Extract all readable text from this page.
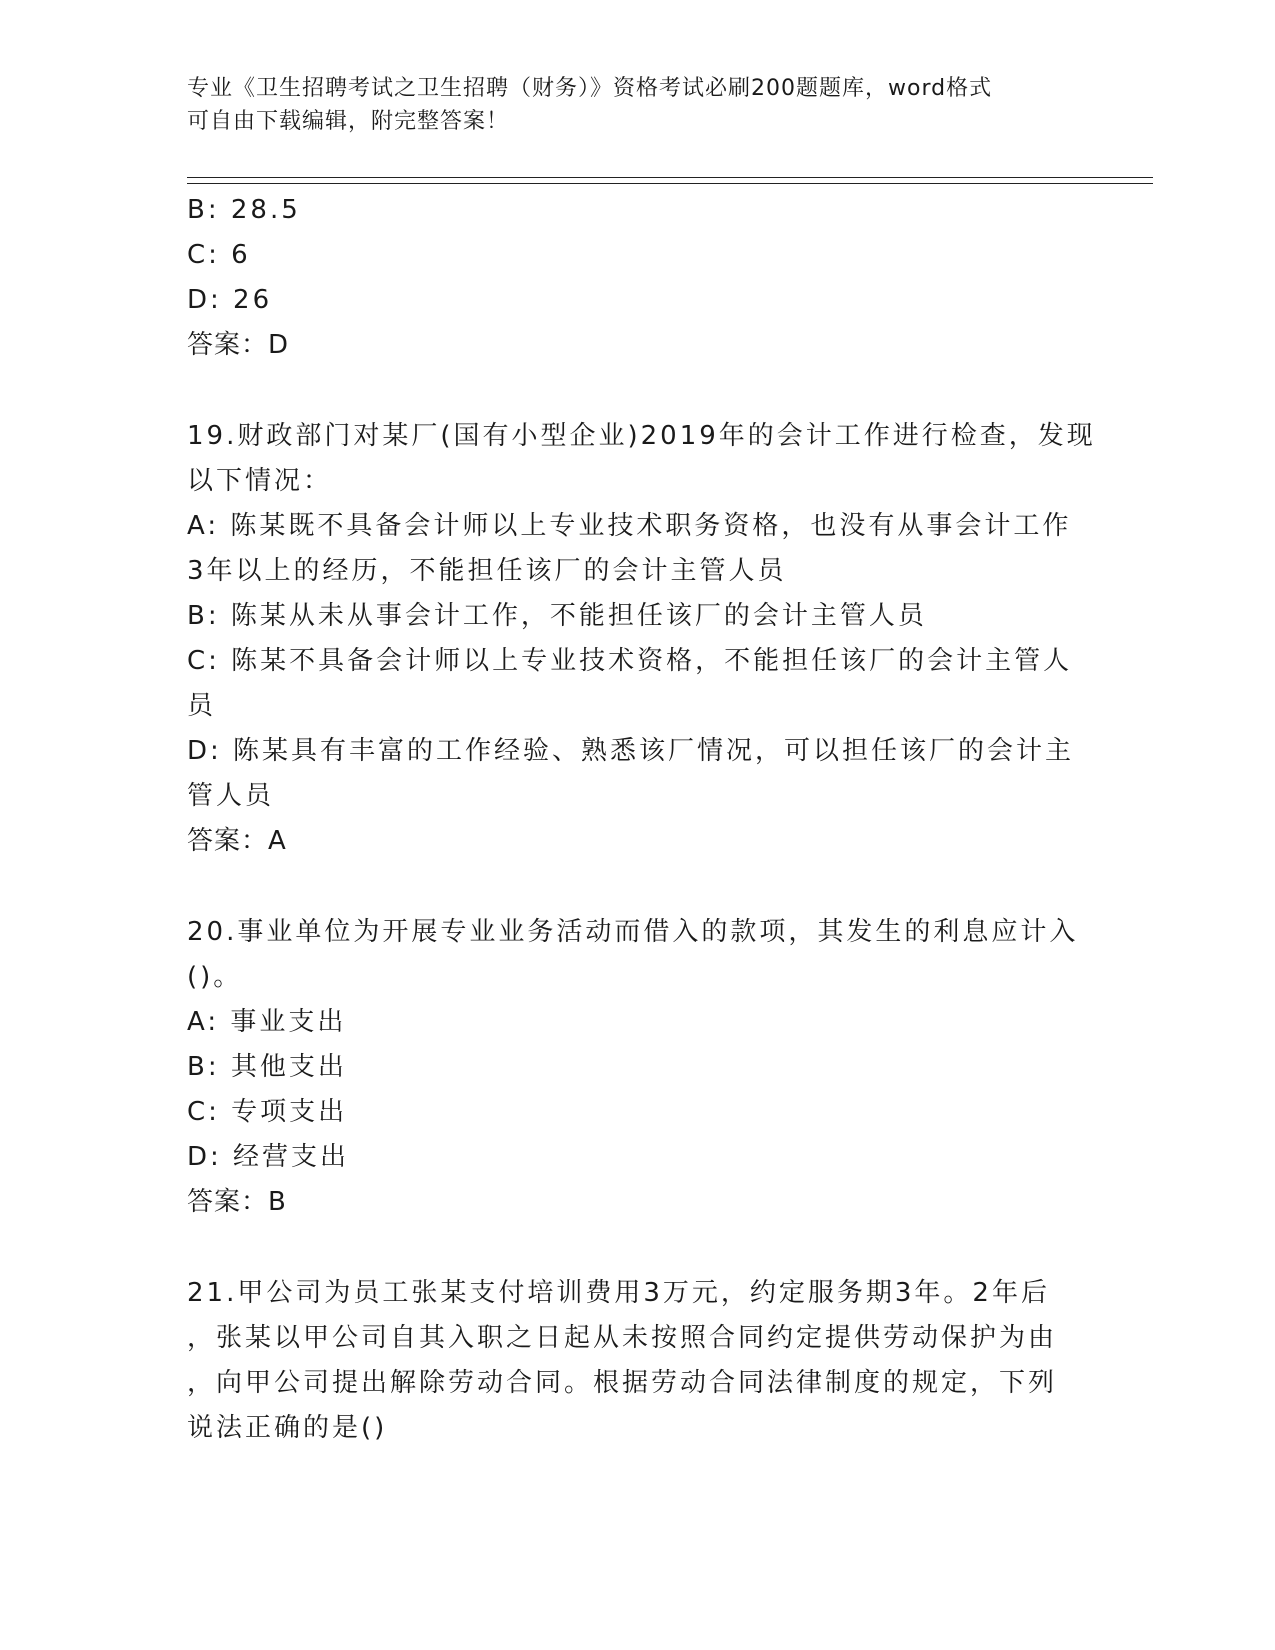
专业《卫生招聘考试之卫生招聘（财务）》资格考试必刷200题题库，word格式
可自由下载编辑，附完整答案！
B: 28.5
C: 6
D: 26
答案：D
19.财政部门对某厂(国有小型企业)2019年的会计工作进行检查，发现
以下情况：
A: 陈某既不具备会计师以上专业技术职务资格，也没有从事会计工作
3年以上的经历，不能担任该厂的会计主管人员
B: 陈某从未从事会计工作，不能担任该厂的会计主管人员
C: 陈某不具备会计师以上专业技术资格，不能担任该厂的会计主管人
员
D: 陈某具有丰富的工作经验、熟悉该厂情况，可以担任该厂的会计主
管人员
答案：A
20.事业单位为开展专业业务活动而借入的款项，其发生的利息应计入
()。
A: 事业支出
B: 其他支出
C: 专项支出
D: 经营支出
答案：B
21.甲公司为员工张某支付培训费用3万元，约定服务期3年。2年后
，张某以甲公司自其入职之日起从未按照合同约定提供劳动保护为由
，向甲公司提出解除劳动合同。根据劳动合同法律制度的规定，下列
说法正确的是()
